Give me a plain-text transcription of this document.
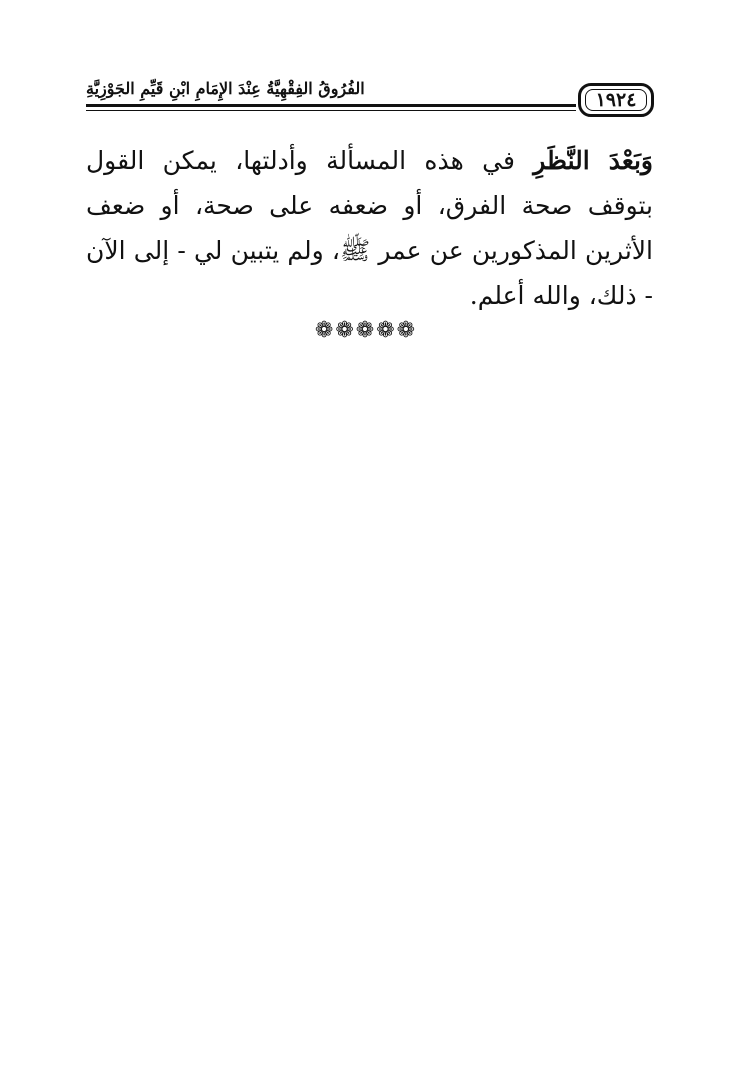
١٩٢٤
الفُرُوقُ الفِقْهِيَّةُ عِنْدَ الإِمَامِ ابْنِ قَيِّمِ الجَوْزِيَّةِ
وَبَعْدَ النَّظَرِ في هذه المسألة وأدلتها، يمكن القول بتوقف صحة الفرق، أو ضعفه على صحة، أو ضعف الأثرين المذكورين عن عمر ﷺ، ولم يتبين لي - إلى الآن - ذلك، والله أعلم.
❁❁❁❁❁
